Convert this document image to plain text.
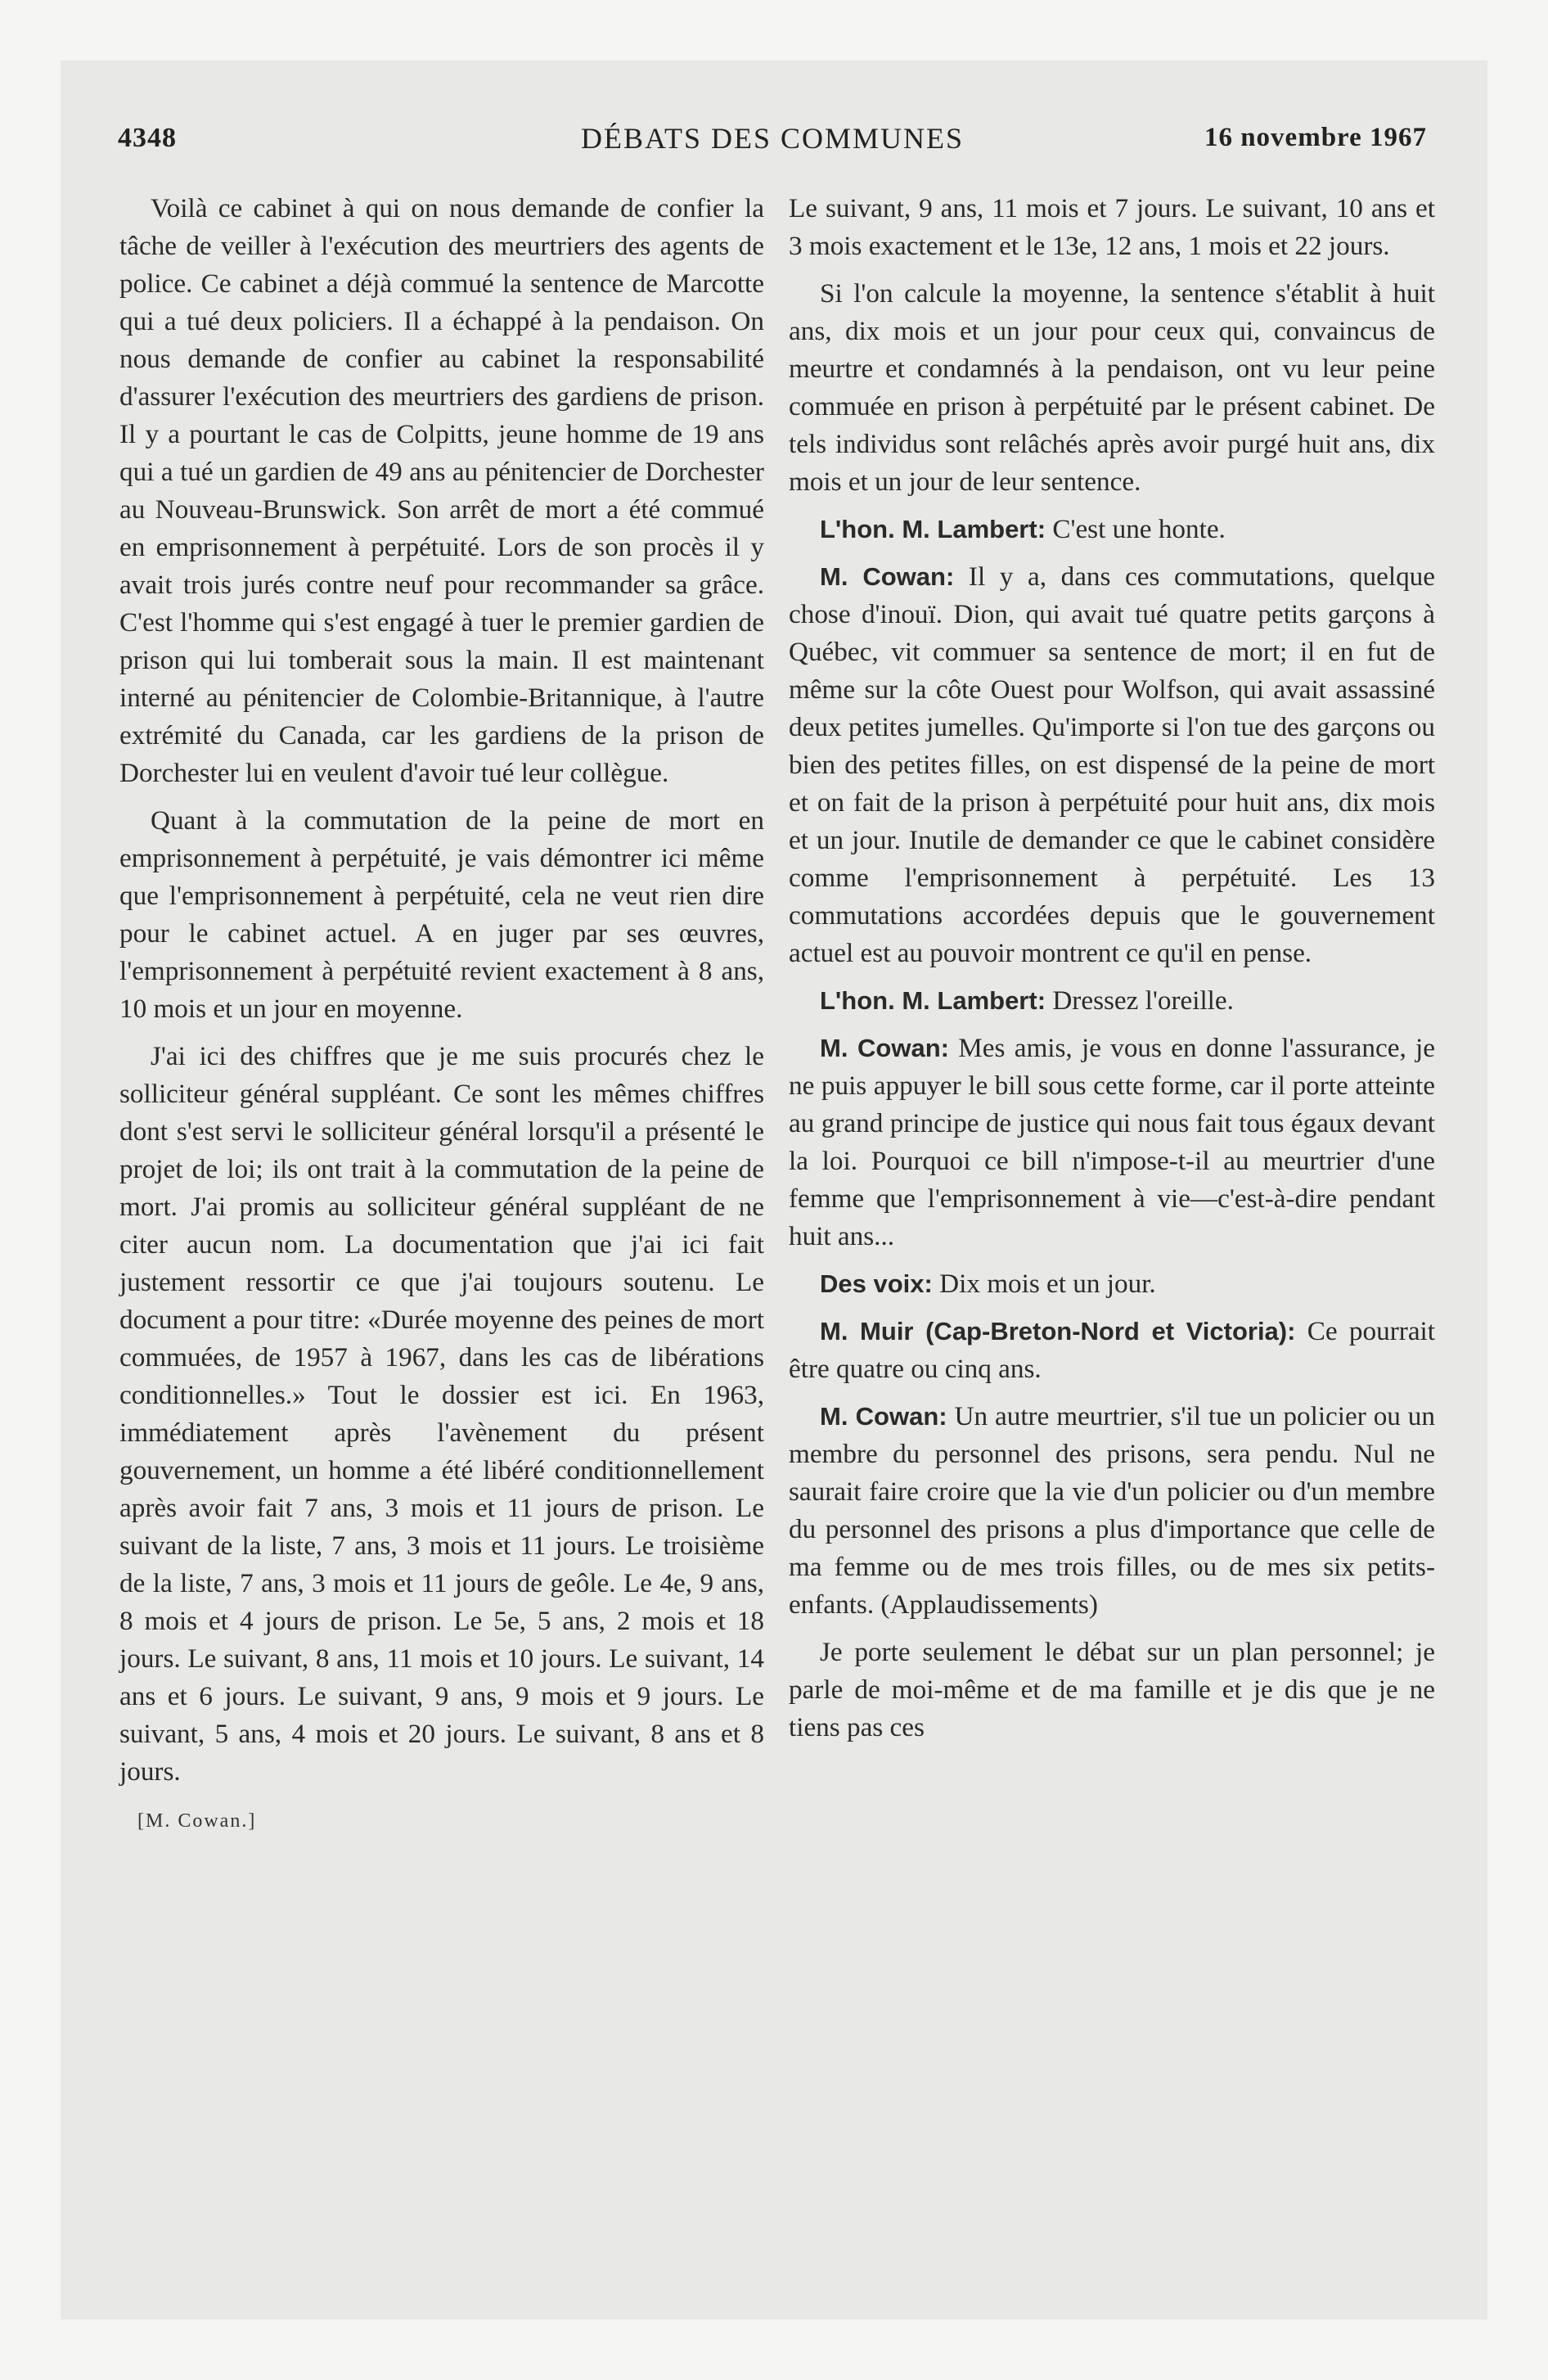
4348	DÉBATS DES COMMUNES	16 novembre 1967

Voilà ce cabinet à qui on nous demande de confier la tâche de veiller à l'exécution des meurtriers des agents de police. Ce cabinet a déjà commué la sentence de Marcotte qui a tué deux policiers. Il a échappé à la pendaison. On nous demande de confier au cabinet la responsabilité d'assurer l'exécution des meurtriers des gardiens de prison. Il y a pourtant le cas de Colpitts, jeune homme de 19 ans qui a tué un gardien de 49 ans au pénitencier de Dorchester au Nouveau-Brunswick. Son arrêt de mort a été commué en emprisonnement à perpétuité. Lors de son procès il y avait trois jurés contre neuf pour recommander sa grâce. C'est l'homme qui s'est engagé à tuer le premier gardien de prison qui lui tomberait sous la main. Il est maintenant interné au pénitencier de Colombie-Britannique, à l'autre extrémité du Canada, car les gardiens de la prison de Dorchester lui en veulent d'avoir tué leur collègue.

Quant à la commutation de la peine de mort en emprisonnement à perpétuité, je vais démontrer ici même que l'emprisonnement à perpétuité, cela ne veut rien dire pour le cabinet actuel. A en juger par ses œuvres, l'emprisonnement à perpétuité revient exactement à 8 ans, 10 mois et un jour en moyenne.

J'ai ici des chiffres que je me suis procurés chez le solliciteur général suppléant. Ce sont les mêmes chiffres dont s'est servi le solliciteur général lorsqu'il a présenté le projet de loi; ils ont trait à la commutation de la peine de mort. J'ai promis au solliciteur général suppléant de ne citer aucun nom. La documentation que j'ai ici fait justement ressortir ce que j'ai toujours soutenu. Le document a pour titre: «Durée moyenne des peines de mort commuées, de 1957 à 1967, dans les cas de libérations conditionnelles.» Tout le dossier est ici. En 1963, immédiatement après l'avènement du présent gouvernement, un homme a été libéré conditionnellement après avoir fait 7 ans, 3 mois et 11 jours de prison. Le suivant de la liste, 7 ans, 3 mois et 11 jours. Le troisième de la liste, 7 ans, 3 mois et 11 jours de geôle. Le 4e, 9 ans, 8 mois et 4 jours de prison. Le 5e, 5 ans, 2 mois et 18 jours. Le suivant, 8 ans, 11 mois et 10 jours. Le suivant, 14 ans et 6 jours. Le suivant, 9 ans, 9 mois et 9 jours. Le suivant, 5 ans, 4 mois et 20 jours. Le suivant, 8 ans et 8 jours.

[M. Cowan.]

Le suivant, 9 ans, 11 mois et 7 jours. Le suivant, 10 ans et 3 mois exactement et le 13e, 12 ans, 1 mois et 22 jours.

Si l'on calcule la moyenne, la sentence s'établit à huit ans, dix mois et un jour pour ceux qui, convaincus de meurtre et condamnés à la pendaison, ont vu leur peine commuée en prison à perpétuité par le présent cabinet. De tels individus sont relâchés après avoir purgé huit ans, dix mois et un jour de leur sentence.

L'hon. M. Lambert: C'est une honte.

M. Cowan: Il y a, dans ces commutations, quelque chose d'inouï. Dion, qui avait tué quatre petits garçons à Québec, vit commuer sa sentence de mort; il en fut de même sur la côte Ouest pour Wolfson, qui avait assassiné deux petites jumelles. Qu'importe si l'on tue des garçons ou bien des petites filles, on est dispensé de la peine de mort et on fait de la prison à perpétuité pour huit ans, dix mois et un jour. Inutile de demander ce que le cabinet considère comme l'emprisonnement à perpétuité. Les 13 commutations accordées depuis que le gouvernement actuel est au pouvoir montrent ce qu'il en pense.

L'hon. M. Lambert: Dressez l'oreille.

M. Cowan: Mes amis, je vous en donne l'assurance, je ne puis appuyer le bill sous cette forme, car il porte atteinte au grand principe de justice qui nous fait tous égaux devant la loi. Pourquoi ce bill n'impose-t-il au meurtrier d'une femme que l'emprisonnement à vie—c'est-à-dire pendant huit ans...

Des voix: Dix mois et un jour.

M. Muir (Cap-Breton-Nord et Victoria): Ce pourrait être quatre ou cinq ans.

M. Cowan: Un autre meurtrier, s'il tue un policier ou un membre du personnel des prisons, sera pendu. Nul ne saurait faire croire que la vie d'un policier ou d'un membre du personnel des prisons a plus d'importance que celle de ma femme ou de mes trois filles, ou de mes six petits-enfants. (Applaudissements)

Je porte seulement le débat sur un plan personnel; je parle de moi-même et de ma famille et je dis que je ne tiens pas ces
